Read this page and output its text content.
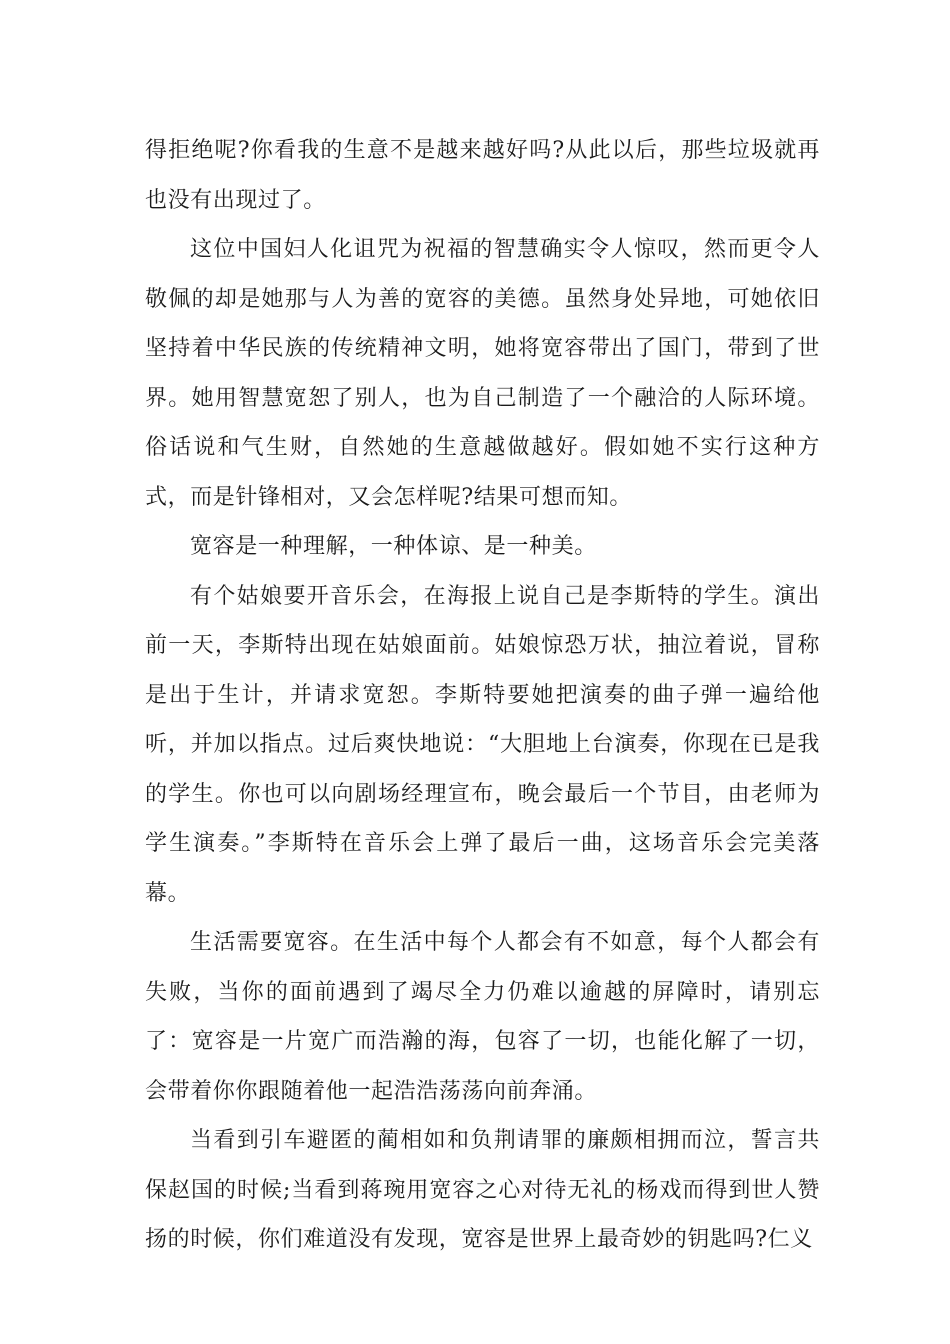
得拒绝呢?你看我的生意不是越来越好吗?从此以后，那些垃圾就再也没有出现过了。

这位中国妇人化诅咒为祝福的智慧确实令人惊叹，然而更令人敬佩的却是她那与人为善的宽容的美德。虽然身处异地，可她依旧坚持着中华民族的传统精神文明，她将宽容带出了国门，带到了世界。她用智慧宽恕了别人，也为自己制造了一个融洽的人际环境。俗话说和气生财，自然她的生意越做越好。假如她不实行这种方式，而是针锋相对，又会怎样呢?结果可想而知。

宽容是一种理解，一种体谅、是一种美。

有个姑娘要开音乐会，在海报上说自己是李斯特的学生。演出前一天，李斯特出现在姑娘面前。姑娘惊恐万状，抽泣着说，冒称是出于生计，并请求宽恕。李斯特要她把演奏的曲子弹一遍给他听，并加以指点。过后爽快地说：“大胆地上台演奏，你现在已是我的学生。你也可以向剧场经理宣布，晚会最后一个节目，由老师为学生演奏。”李斯特在音乐会上弹了最后一曲，这场音乐会完美落幕。

生活需要宽容。在生活中每个人都会有不如意，每个人都会有失败，当你的面前遇到了竭尽全力仍难以逾越的屏障时，请别忘了：宽容是一片宽广而浩瀚的海，包容了一切，也能化解了一切，会带着你你跟随着他一起浩浩荡荡向前奔涌。

当看到引车避匿的蔺相如和负荆请罪的廉颇相拥而泣，誓言共保赵国的时候;当看到蒋琬用宽容之心对待无礼的杨戏而得到世人赞扬的时候，你们难道没有发现，宽容是世界上最奇妙的钥匙吗?仁义
